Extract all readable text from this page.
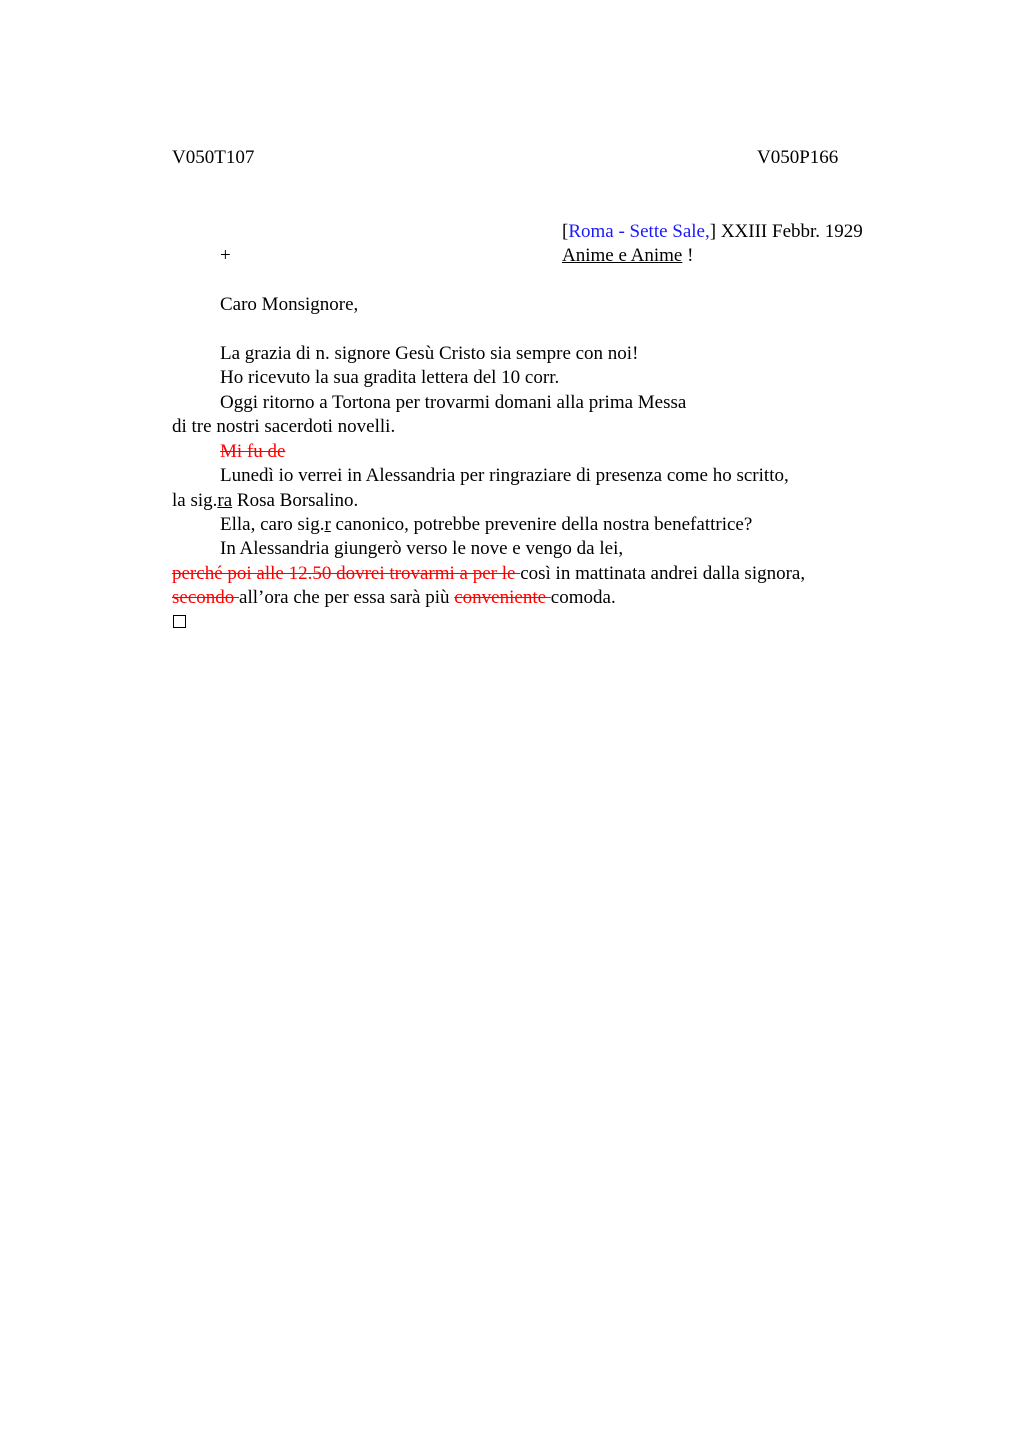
V050T107	V050P166
[Roma - Sette Sale,] XXIII Febbr. 1929
+	Anime e Anime !
Caro Monsignore,
La grazia di n. signore Gesù Cristo sia sempre con noi!
Ho ricevuto la sua gradita lettera del 10 corr.
Oggi ritorno a Tortona per trovarmi domani alla prima Messa
di tre nostri sacerdoti novelli.
Mi fu de
Lunedì io verrei in Alessandria per ringraziare di presenza come ho scritto,
la sig.ra Rosa Borsalino.
Ella, caro sig.r canonico, potrebbe prevenire della nostra benefattrice?
In Alessandria giungerò verso le nove e vengo da lei,
perché poi alle 12.50 dovrei trovarmi a per le così in mattinata andrei dalla signora,
secondo all’ora che per essa sarà più conveniente comoda.
